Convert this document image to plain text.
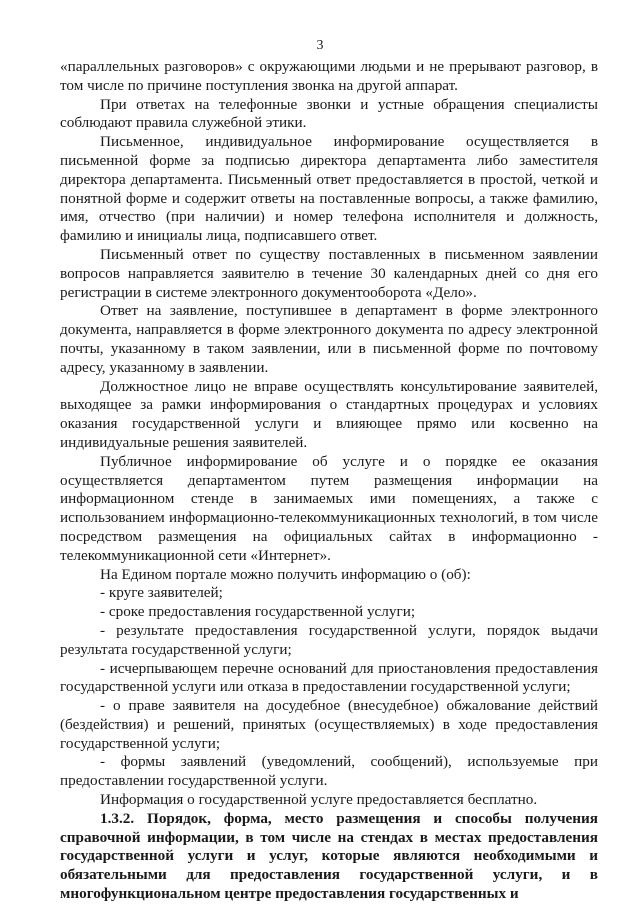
3

«параллельных разговоров» с окружающими людьми и не прерывают разговор, в том числе по причине поступления звонка на другой аппарат.

При ответах на телефонные звонки и устные обращения специалисты соблюдают правила служебной этики.

Письменное, индивидуальное информирование осуществляется в письменной форме за подписью директора департамента либо заместителя директора департамента. Письменный ответ предоставляется в простой, четкой и понятной форме и содержит ответы на поставленные вопросы, а также фамилию, имя, отчество (при наличии) и номер телефона исполнителя и должность, фамилию и инициалы лица, подписавшего ответ.

Письменный ответ по существу поставленных в письменном заявлении вопросов направляется заявителю в течение 30 календарных дней со дня его регистрации в системе электронного документооборота «Дело».

Ответ на заявление, поступившее в департамент в форме электронного документа, направляется в форме электронного документа по адресу электронной почты, указанному в таком заявлении, или в письменной форме по почтовому адресу, указанному в заявлении.

Должностное лицо не вправе осуществлять консультирование заявителей, выходящее за рамки информирования о стандартных процедурах и условиях оказания государственной услуги и влияющее прямо или косвенно на индивидуальные решения заявителей.

Публичное информирование об услуге и о порядке ее оказания осуществляется департаментом путем размещения информации на информационном стенде в занимаемых ими помещениях, а также с использованием информационно-телекоммуникационных технологий, в том числе посредством размещения на официальных сайтах в информационно - телекоммуникационной сети «Интернет».

На Едином портале можно получить информацию о (об):

- круге заявителей;

- сроке предоставления государственной услуги;

- результате предоставления государственной услуги, порядок выдачи результата государственной услуги;

- исчерпывающем перечне оснований для приостановления предоставления государственной услуги или отказа в предоставлении государственной услуги;

- о праве заявителя на досудебное (внесудебное) обжалование действий (бездействия) и решений, принятых (осуществляемых) в ходе предоставления государственной услуги;

- формы заявлений (уведомлений, сообщений), используемые при предоставлении государственной услуги.

Информация о государственной услуге предоставляется бесплатно.

1.3.2. Порядок, форма, место размещения и способы получения справочной информации, в том числе на стендах в местах предоставления государственной услуги и услуг, которые являются необходимыми и обязательными для предоставления государственной услуги, и в многофункциональном центре предоставления государственных и
